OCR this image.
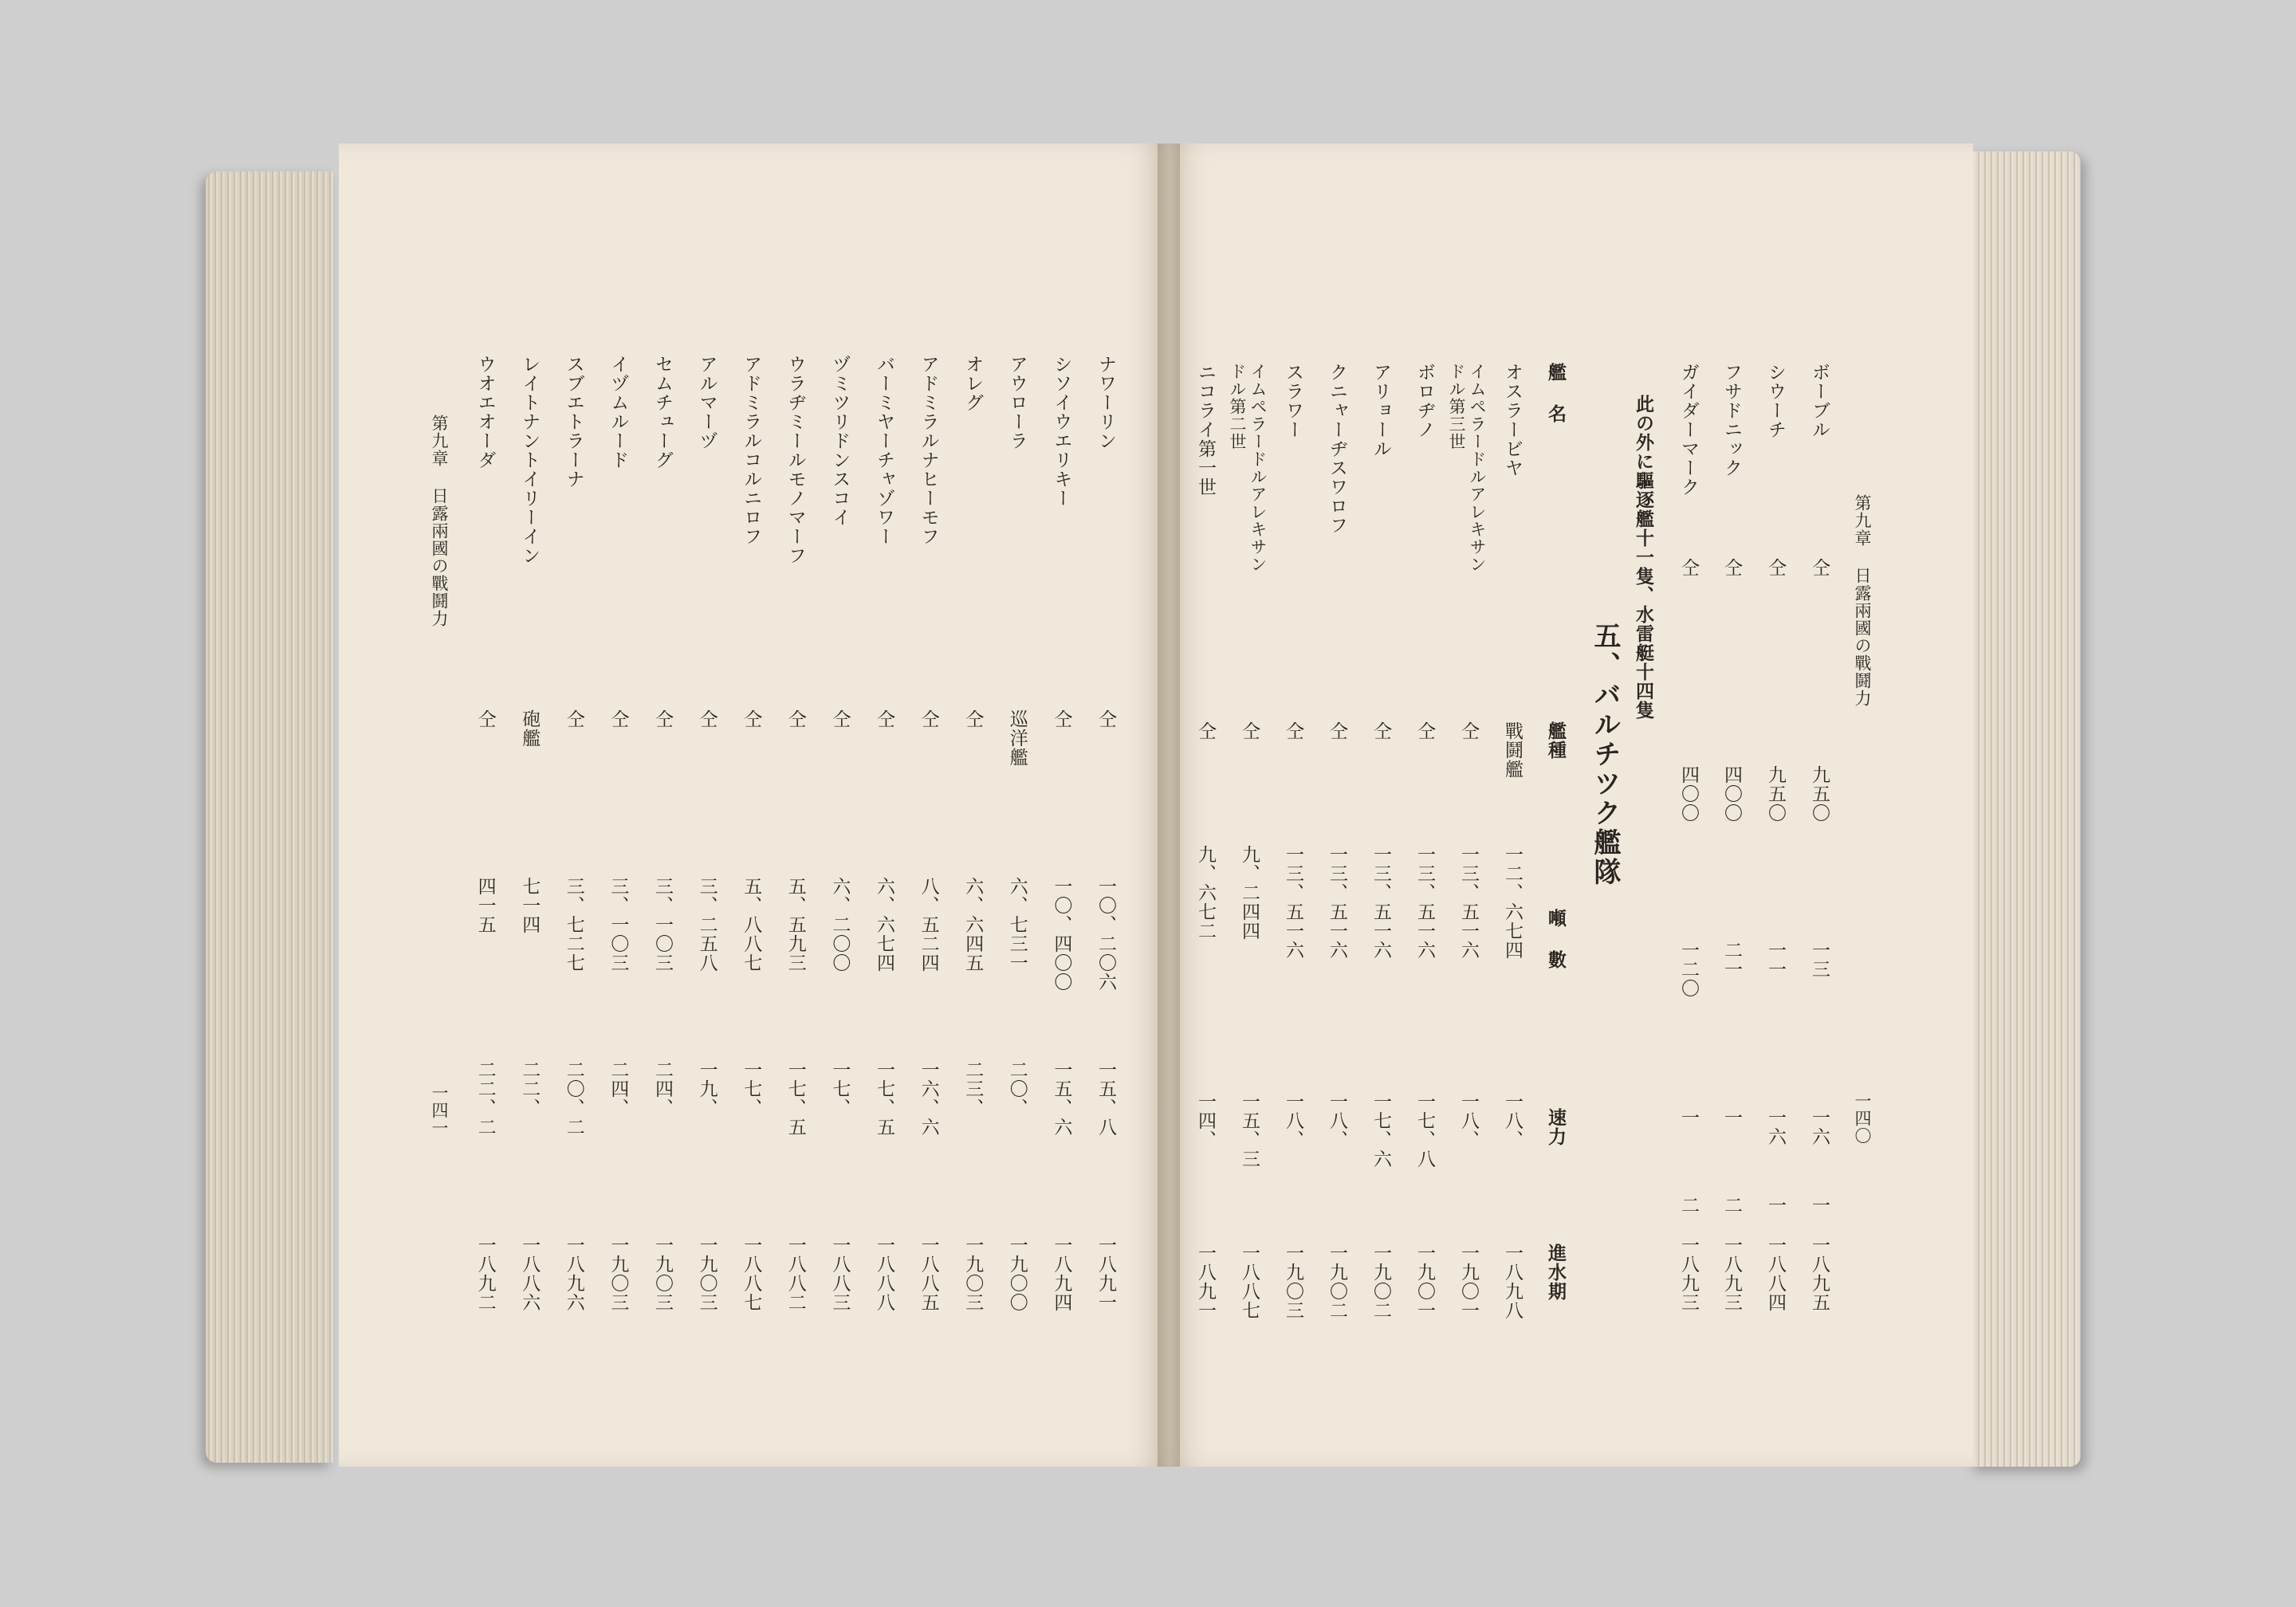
ナワーリン
仝
一〇、二〇六
一五、八
一八九一
シソイウエリキー
仝
一〇、四〇〇
一五、六
一八九四
アウローラ
巡洋艦
六、七三一
二〇、
一九〇〇
オレグ
仝
六、六四五
二三、
一九〇三
アドミラルナヒーモフ
仝
八、五二四
一六、六
一八八五
バーミヤーチャゾワー
仝
六、六七四
一七、五
一八八八
ヅミツリドンスコイ
仝
六、二〇〇
一七、
一八八三
ウラヂミールモノマーフ
仝
五、五九三
一七、五
一八八二
アドミラルコルニロフ
仝
五、八八七
一七、
一八八七
アルマーヅ
仝
三、二五八
一九、
一九〇三
セムチューグ
仝
三、一〇三
二四、
一九〇三
イヅムルード
仝
三、一〇三
二四、
一九〇三
スブエトラーナ
仝
三、七二七
二〇、二
一八九六
レイトナントイリーイン
砲艦
七一四
二二、
一八八六
ウオエオーダ
仝
四一五
二二、二
一八九二
第九章 日露兩國の戰鬪力
一四一	一四〇
第九章 日露兩國の戰鬪力
ボーブル
仝
九五〇
一三
一六
一
一八九五
シウーチ
仝
九五〇
一一
一六
一
一八八四
フサドニック
仝
四〇〇
二一
一
二
一八九三
ガイダーマーク
仝
四〇〇
一二〇
一
二
一八九三
此の外に驅逐艦十一隻、水雷艇十四隻
五、バルチツク艦隊
艦 名
艦種
噸 數
速力
進水期
オスラービヤ
戰鬪艦
一二、六七四
一八、
一八九八
イムペラードルアレキサン
ドル第三世
仝
一三、五一六
一八、
一九〇一
ボロヂノ
仝
一三、五一六
一七、八
一九〇一
アリョール
仝
一三、五一六
一七、六
一九〇二
クニャーヂスワロフ
仝
一三、五一六
一八、
一九〇二
スラワー
仝
一三、五一六
一八、
一九〇三
イムペラードルアレキサン
ドル第二世
仝
九、二四四
一五、三
一八八七
ニコライ第一世
仝
九、六七二
一四、
一八九一
